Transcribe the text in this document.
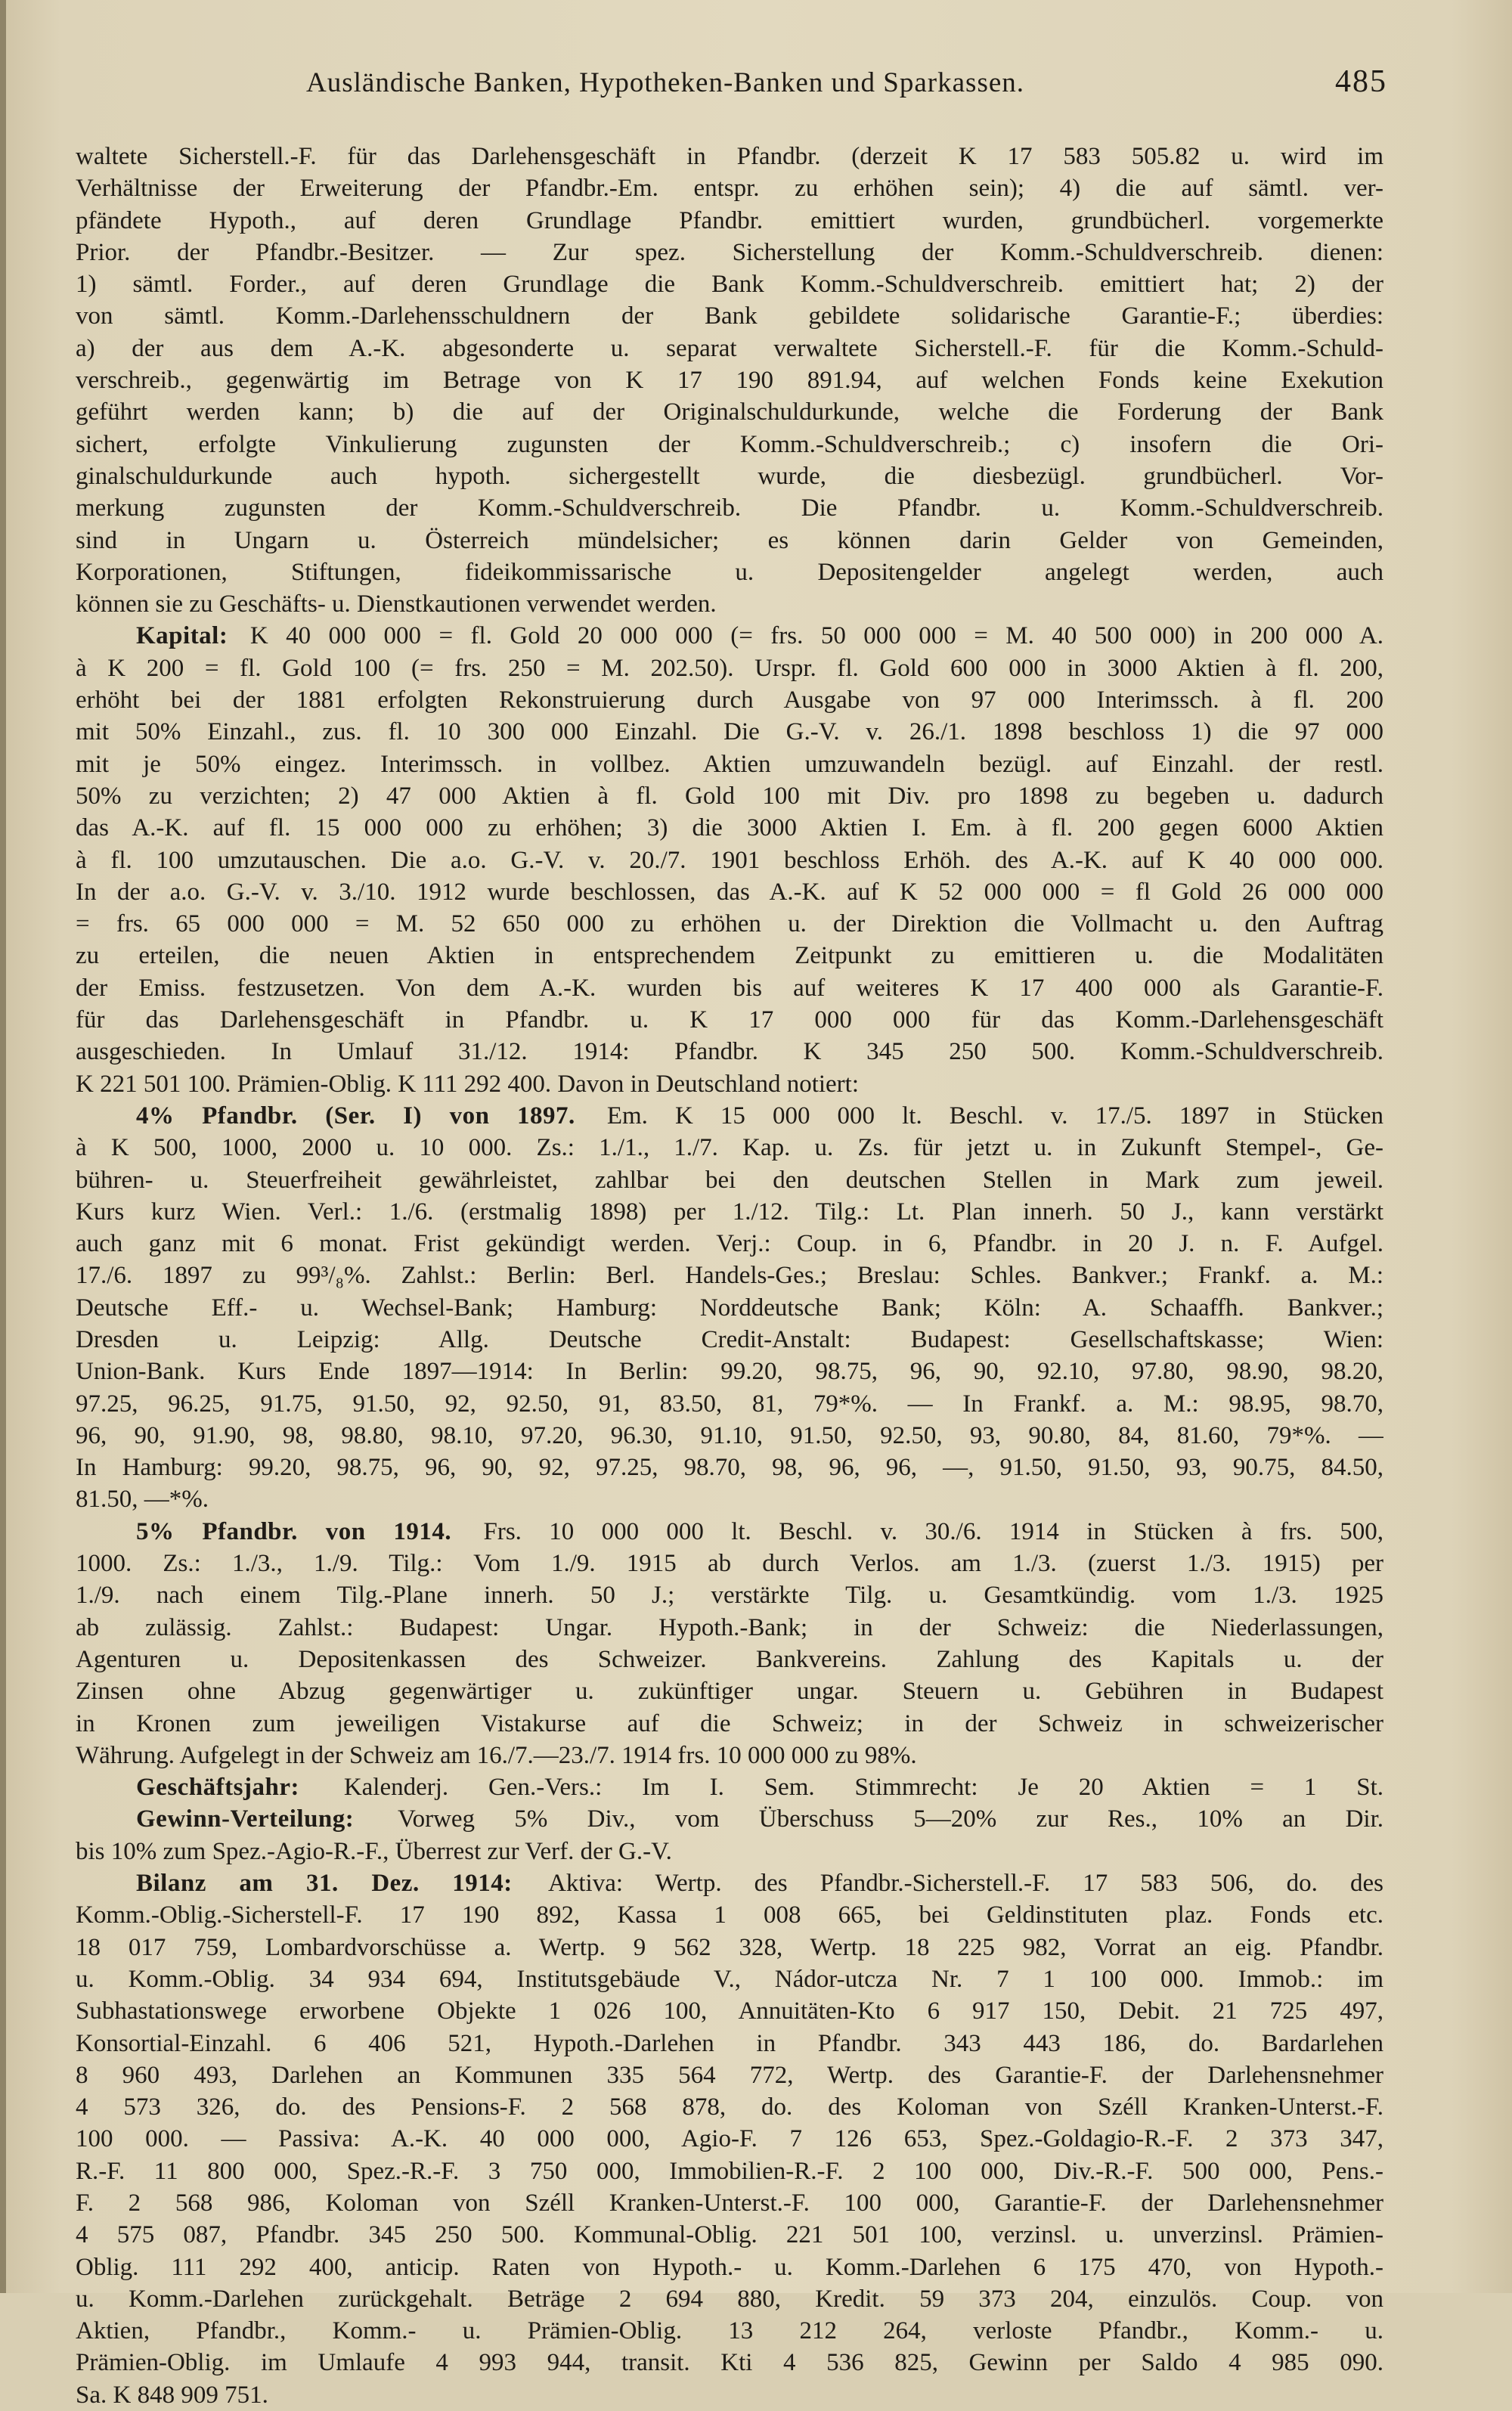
Ausländische Banken, Hypotheken-Banken und Sparkassen.	485
waltete Sicherstell.-F. für das Darlehensgeschäft in Pfandbr. (derzeit K 17 583 505.82 u. wird im
Verhältnisse der Erweiterung der Pfandbr.-Em. entspr. zu erhöhen sein); 4) die auf sämtl. ver-
pfändete Hypoth., auf deren Grundlage Pfandbr. emittiert wurden, grundbücherl. vorgemerkte
Prior. der Pfandbr.-Besitzer. — Zur spez. Sicherstellung der Komm.-Schuldverschreib. dienen:
1) sämtl. Forder., auf deren Grundlage die Bank Komm.-Schuldverschreib. emittiert hat; 2) der
von sämtl. Komm.-Darlehensschuldnern der Bank gebildete solidarische Garantie-F.; überdies:
a) der aus dem A.-K. abgesonderte u. separat verwaltete Sicherstell.-F. für die Komm.-Schuld-
verschreib., gegenwärtig im Betrage von K 17 190 891.94, auf welchen Fonds keine Exekution
geführt werden kann; b) die auf der Originalschuldurkunde, welche die Forderung der Bank
sichert, erfolgte Vinkulierung zugunsten der Komm.-Schuldverschreib.; c) insofern die Ori-
ginalschuldurkunde auch hypoth. sichergestellt wurde, die diesbezügl. grundbücherl. Vor-
merkung zugunsten der Komm.-Schuldverschreib. Die Pfandbr. u. Komm.-Schuldverschreib.
sind in Ungarn u. Österreich mündelsicher; es können darin Gelder von Gemeinden,
Korporationen, Stiftungen, fideikommissarische u. Depositengelder angelegt werden, auch
können sie zu Geschäfts- u. Dienstkautionen verwendet werden.
Kapital: K 40 000 000 = fl. Gold 20 000 000 (= frs. 50 000 000 = M. 40 500 000) in 200 000 A.
à K 200 = fl. Gold 100 (= frs. 250 = M. 202.50). Urspr. fl. Gold 600 000 in 3000 Aktien à fl. 200,
erhöht bei der 1881 erfolgten Rekonstruierung durch Ausgabe von 97 000 Interimssch. à fl. 200
mit 50% Einzahl., zus. fl. 10 300 000 Einzahl. Die G.-V. v. 26./1. 1898 beschloss 1) die 97 000
mit je 50% eingez. Interimssch. in vollbez. Aktien umzuwandeln bezügl. auf Einzahl. der restl.
50% zu verzichten; 2) 47 000 Aktien à fl. Gold 100 mit Div. pro 1898 zu begeben u. dadurch
das A.-K. auf fl. 15 000 000 zu erhöhen; 3) die 3000 Aktien I. Em. à fl. 200 gegen 6000 Aktien
à fl. 100 umzutauschen. Die a.o. G.-V. v. 20./7. 1901 beschloss Erhöh. des A.-K. auf K 40 000 000.
In der a.o. G.-V. v. 3./10. 1912 wurde beschlossen, das A.-K. auf K 52 000 000 = fl Gold 26 000 000
= frs. 65 000 000 = M. 52 650 000 zu erhöhen u. der Direktion die Vollmacht u. den Auftrag
zu erteilen, die neuen Aktien in entsprechendem Zeitpunkt zu emittieren u. die Modalitäten
der Emiss. festzusetzen. Von dem A.-K. wurden bis auf weiteres K 17 400 000 als Garantie-F.
für das Darlehensgeschäft in Pfandbr. u. K 17 000 000 für das Komm.-Darlehensgeschäft
ausgeschieden. In Umlauf 31./12. 1914: Pfandbr. K 345 250 500. Komm.-Schuldverschreib.
K 221 501 100. Prämien-Oblig. K 111 292 400. Davon in Deutschland notiert:
4% Pfandbr. (Ser. I) von 1897. Em. K 15 000 000 lt. Beschl. v. 17./5. 1897 in Stücken
à K 500, 1000, 2000 u. 10 000. Zs.: 1./1., 1./7. Kap. u. Zs. für jetzt u. in Zukunft Stempel-, Ge-
bühren- u. Steuerfreiheit gewährleistet, zahlbar bei den deutschen Stellen in Mark zum jeweil.
Kurs kurz Wien. Verl.: 1./6. (erstmalig 1898) per 1./12. Tilg.: Lt. Plan innerh. 50 J., kann verstärkt
auch ganz mit 6 monat. Frist gekündigt werden. Verj.: Coup. in 6, Pfandbr. in 20 J. n. F. Aufgel.
17./6. 1897 zu 99³/₈%. Zahlst.: Berlin: Berl. Handels-Ges.; Breslau: Schles. Bankver.; Frankf. a. M.:
Deutsche Eff.- u. Wechsel-Bank; Hamburg: Norddeutsche Bank; Köln: A. Schaaffh. Bankver.;
Dresden u. Leipzig: Allg. Deutsche Credit-Anstalt: Budapest: Gesellschaftskasse; Wien:
Union-Bank. Kurs Ende 1897—1914: In Berlin: 99.20, 98.75, 96, 90, 92.10, 97.80, 98.90, 98.20,
97.25, 96.25, 91.75, 91.50, 92, 92.50, 91, 83.50, 81, 79*%. — In Frankf. a. M.: 98.95, 98.70,
96, 90, 91.90, 98, 98.80, 98.10, 97.20, 96.30, 91.10, 91.50, 92.50, 93, 90.80, 84, 81.60, 79*%. —
In Hamburg: 99.20, 98.75, 96, 90, 92, 97.25, 98.70, 98, 96, 96, —, 91.50, 91.50, 93, 90.75, 84.50,
81.50, —*%.
5% Pfandbr. von 1914. Frs. 10 000 000 lt. Beschl. v. 30./6. 1914 in Stücken à frs. 500,
1000. Zs.: 1./3., 1./9. Tilg.: Vom 1./9. 1915 ab durch Verlos. am 1./3. (zuerst 1./3. 1915) per
1./9. nach einem Tilg.-Plane innerh. 50 J.; verstärkte Tilg. u. Gesamtkündig. vom 1./3. 1925
ab zulässig. Zahlst.: Budapest: Ungar. Hypoth.-Bank; in der Schweiz: die Niederlassungen,
Agenturen u. Depositenkassen des Schweizer. Bankvereins. Zahlung des Kapitals u. der
Zinsen ohne Abzug gegenwärtiger u. zukünftiger ungar. Steuern u. Gebühren in Budapest
in Kronen zum jeweiligen Vistakurse auf die Schweiz; in der Schweiz in schweizerischer
Währung. Aufgelegt in der Schweiz am 16./7.—23./7. 1914 frs. 10 000 000 zu 98%.
Geschäftsjahr: Kalenderj. Gen.-Vers.: Im I. Sem. Stimmrecht: Je 20 Aktien = 1 St.
Gewinn-Verteilung: Vorweg 5% Div., vom Überschuss 5—20% zur Res., 10% an Dir.
bis 10% zum Spez.-Agio-R.-F., Überrest zur Verf. der G.-V.
Bilanz am 31. Dez. 1914: Aktiva: Wertp. des Pfandbr.-Sicherstell.-F. 17 583 506, do. des
Komm.-Oblig.-Sicherstell-F. 17 190 892, Kassa 1 008 665, bei Geldinstituten plaz. Fonds etc.
18 017 759, Lombardvorschüsse a. Wertp. 9 562 328, Wertp. 18 225 982, Vorrat an eig. Pfandbr.
u. Komm.-Oblig. 34 934 694, Institutsgebäude V., Nádor-utcza Nr. 7 1 100 000. Immob.: im
Subhastationswege erworbene Objekte 1 026 100, Annuitäten-Kto 6 917 150, Debit. 21 725 497,
Konsortial-Einzahl. 6 406 521, Hypoth.-Darlehen in Pfandbr. 343 443 186, do. Bardarlehen
8 960 493, Darlehen an Kommunen 335 564 772, Wertp. des Garantie-F. der Darlehensnehmer
4 573 326, do. des Pensions-F. 2 568 878, do. des Koloman von Széll Kranken-Unterst.-F.
100 000. — Passiva: A.-K. 40 000 000, Agio-F. 7 126 653, Spez.-Goldagio-R.-F. 2 373 347,
R.-F. 11 800 000, Spez.-R.-F. 3 750 000, Immobilien-R.-F. 2 100 000, Div.-R.-F. 500 000, Pens.-
F. 2 568 986, Koloman von Széll Kranken-Unterst.-F. 100 000, Garantie-F. der Darlehensnehmer
4 575 087, Pfandbr. 345 250 500. Kommunal-Oblig. 221 501 100, verzinsl. u. unverzinsl. Prämien-
Oblig. 111 292 400, anticip. Raten von Hypoth.- u. Komm.-Darlehen 6 175 470, von Hypoth.-
u. Komm.-Darlehen zurückgehalt. Beträge 2 694 880, Kredit. 59 373 204, einzulös. Coup. von
Aktien, Pfandbr., Komm.- u. Prämien-Oblig. 13 212 264, verloste Pfandbr., Komm.- u.
Prämien-Oblig. im Umlaufe 4 993 944, transit. Kti 4 536 825, Gewinn per Saldo 4 985 090.
Sa. K 848 909 751.
